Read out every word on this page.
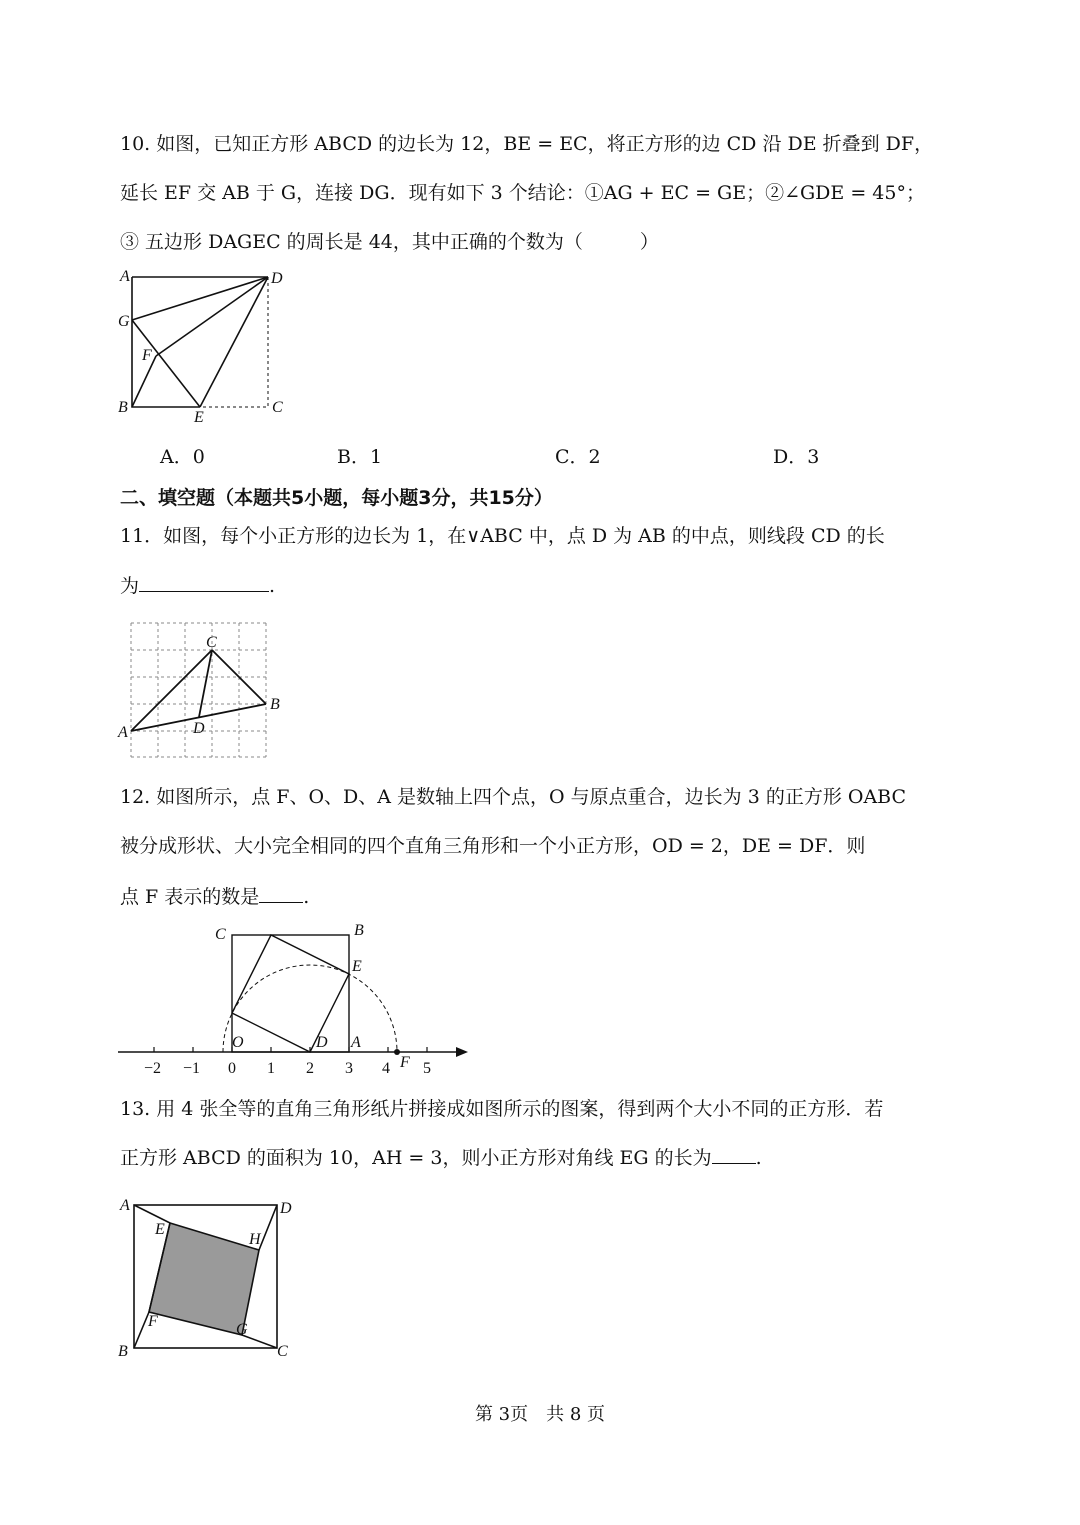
10. 如图，已知正方形 ABCD 的边长为 12，BE = EC，将正方形的边 CD 沿 DE 折叠到 DF，
延长 EF 交 AB 于 G，连接 DG．现有如下 3 个结论：①AG + EC = GE；②∠GDE = 45°；
③ 五边形 DAGEC 的周长是 44，其中正确的个数为（　　　）
A	D
G
F
B
E
C
A．0	B．1	C．2	D．3
二、填空题（本题共5小题，每小题3分，共15分）
11．如图，每个小正方形的边长为 1，在∨ABC 中，点 D 为 AB 的中点，则线段 CD 的长
为	.
C
B
A	D
12. 如图所示，点 F、O、D、A 是数轴上四个点，O 与原点重合，边长为 3 的正方形 OABC
被分成形状、大小完全相同的四个直角三角形和一个小正方形，OD = 2，DE = DF．则
点 F 表示的数是 .
C	B
E
O	D A
F
−2 −1 0 1 2 3 4 5
13. 用 4 张全等的直角三角形纸片拼接成如图所示的图案，得到两个大小不同的正方形．若
正方形 ABCD 的面积为 10，AH = 3，则小正方形对角线 EG 的长为 .
A	D
E
H
F	G
B	C
第 3页　共 8 页
